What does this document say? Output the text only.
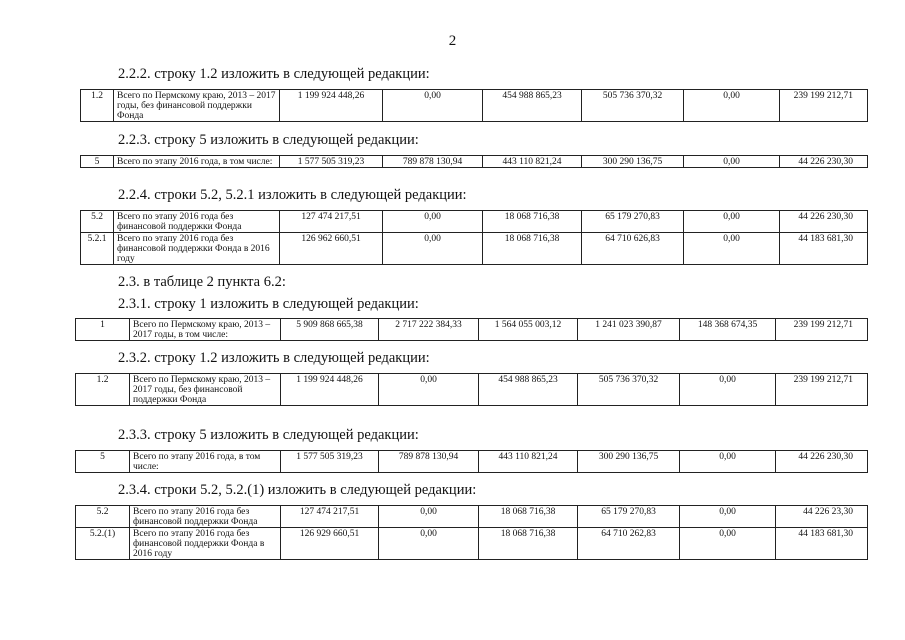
2
2.2.2. строку 1.2 изложить в следующей редакции:
1.2	Всего по Пермскому краю, 2013 – 2017 годы, без финансовой поддержки Фонда	1 199 924 448,26	0,00	454 988 865,23	505 736 370,32	0,00	239 199 212,71
2.2.3. строку 5 изложить в следующей редакции:
5	Всего по этапу 2016 года, в том числе:	1 577 505 319,23	789 878 130,94	443 110 821,24	300 290 136,75	0,00	44 226 230,30
2.2.4. строки 5.2, 5.2.1 изложить в следующей редакции:
5.2	Всего по этапу 2016 года без финансовой поддержки Фонда	127 474 217,51	0,00	18 068 716,38	65 179 270,83	0,00	44 226 230,30
5.2.1	Всего по этапу 2016 года без финансовой поддержки Фонда в 2016 году	126 962 660,51	0,00	18 068 716,38	64 710 626,83	0,00	44 183 681,30
2.3. в таблице 2 пункта 6.2:
2.3.1. строку 1 изложить в следующей редакции:
1	Всего по Пермскому краю, 2013 – 2017 годы, в том числе:	5 909 868 665,38	2 717 222 384,33	1 564 055 003,12	1 241 023 390,87	148 368 674,35	239 199 212,71
2.3.2. строку 1.2 изложить в следующей редакции:
1.2	Всего по Пермскому краю, 2013 – 2017 годы, без финансовой поддержки Фонда	1 199 924 448,26	0,00	454 988 865,23	505 736 370,32	0,00	239 199 212,71
2.3.3. строку 5 изложить в следующей редакции:
5	Всего по этапу 2016 года, в том числе:	1 577 505 319,23	789 878 130,94	443 110 821,24	300 290 136,75	0,00	44 226 230,30
2.3.4. строки 5.2, 5.2.(1) изложить в следующей редакции:
5.2	Всего по этапу 2016 года без финансовой поддержки Фонда	127 474 217,51	0,00	18 068 716,38	65 179 270,83	0,00	44 226 23,30
5.2.(1)	Всего по этапу 2016 года без финансовой поддержки Фонда в 2016 году	126 929 660,51	0,00	18 068 716,38	64 710 262,83	0,00	44 183 681,30
